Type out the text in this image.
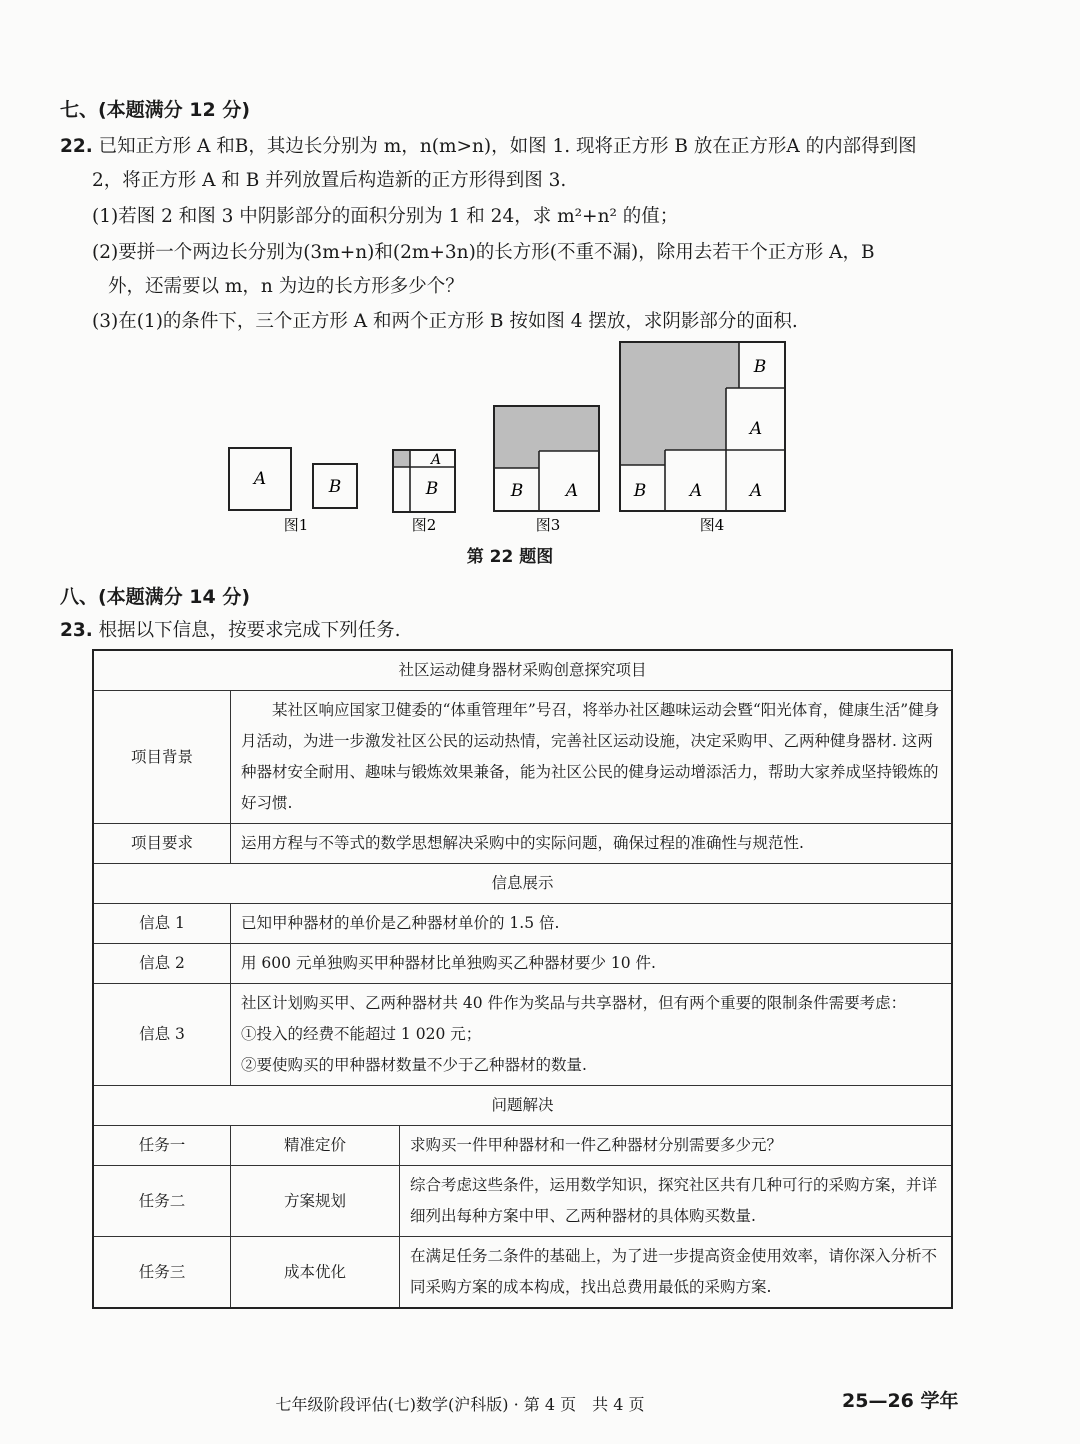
七、(本题满分 12 分)
22. 已知正方形 A 和B，其边长分别为 m，n(m>n)，如图 1. 现将正方形 B 放在正方形A 的内部得到图
2，将正方形 A 和 B 并列放置后构造新的正方形得到图 3.
(1)若图 2 和图 3 中阴影部分的面积分别为 1 和 24，求 m²+n² 的值；
(2)要拼一个两边长分别为(3m+n)和(2m+3n)的长方形(不重不漏)，除用去若干个正方形 A，B
外，还需要以 m，n 为边的长方形多少个？
(3)在(1)的条件下，三个正方形 A 和两个正方形 B 按如图 4 摆放，求阴影部分的面积.
A	B
图1
A
B
图2
B	A
图3
B
A
B	A	A
图4
第 22 题图
八、(本题满分 14 分)
23. 根据以下信息，按要求完成下列任务.
社区运动健身器材采购创意探究项目		
项目背景	某社区响应国家卫健委的“体重管理年”号召，将举办社区趣味运动会暨“阳光体育，健康生活”健身月活动，为进一步激发社区公民的运动热情，完善社区运动设施，决定采购甲、乙两种健身器材. 这两种器材安全耐用、趣味与锻炼效果兼备，能为社区公民的健身运动增添活力，帮助大家养成坚持锻炼的好习惯.	
项目要求	运用方程与不等式的数学思想解决采购中的实际问题，确保过程的准确性与规范性.	
信息展示		
信息 1	已知甲种器材的单价是乙种器材单价的 1.5 倍.	
信息 2	用 600 元单独购买甲种器材比单独购买乙种器材要少 10 件.	
信息 3	社区计划购买甲、乙两种器材共 40 件作为奖品与共享器材，但有两个重要的限制条件需要考虑：
①投入的经费不能超过 1 020 元；
②要使购买的甲种器材数量不少于乙种器材的数量.	

问题解决		
任务一	精准定价	求购买一件甲种器材和一件乙种器材分别需要多少元？
任务二	方案规划	综合考虑这些条件，运用数学知识，探究社区共有几种可行的采购方案，并详细列出每种方案中甲、乙两种器材的具体购买数量.
任务三	成本优化	在满足任务二条件的基础上，为了进一步提高资金使用效率，请你深入分析不同采购方案的成本构成，找出总费用最低的采购方案.
七年级阶段评估(七)数学(沪科版) · 第 4 页　共 4 页	25—26 学年
